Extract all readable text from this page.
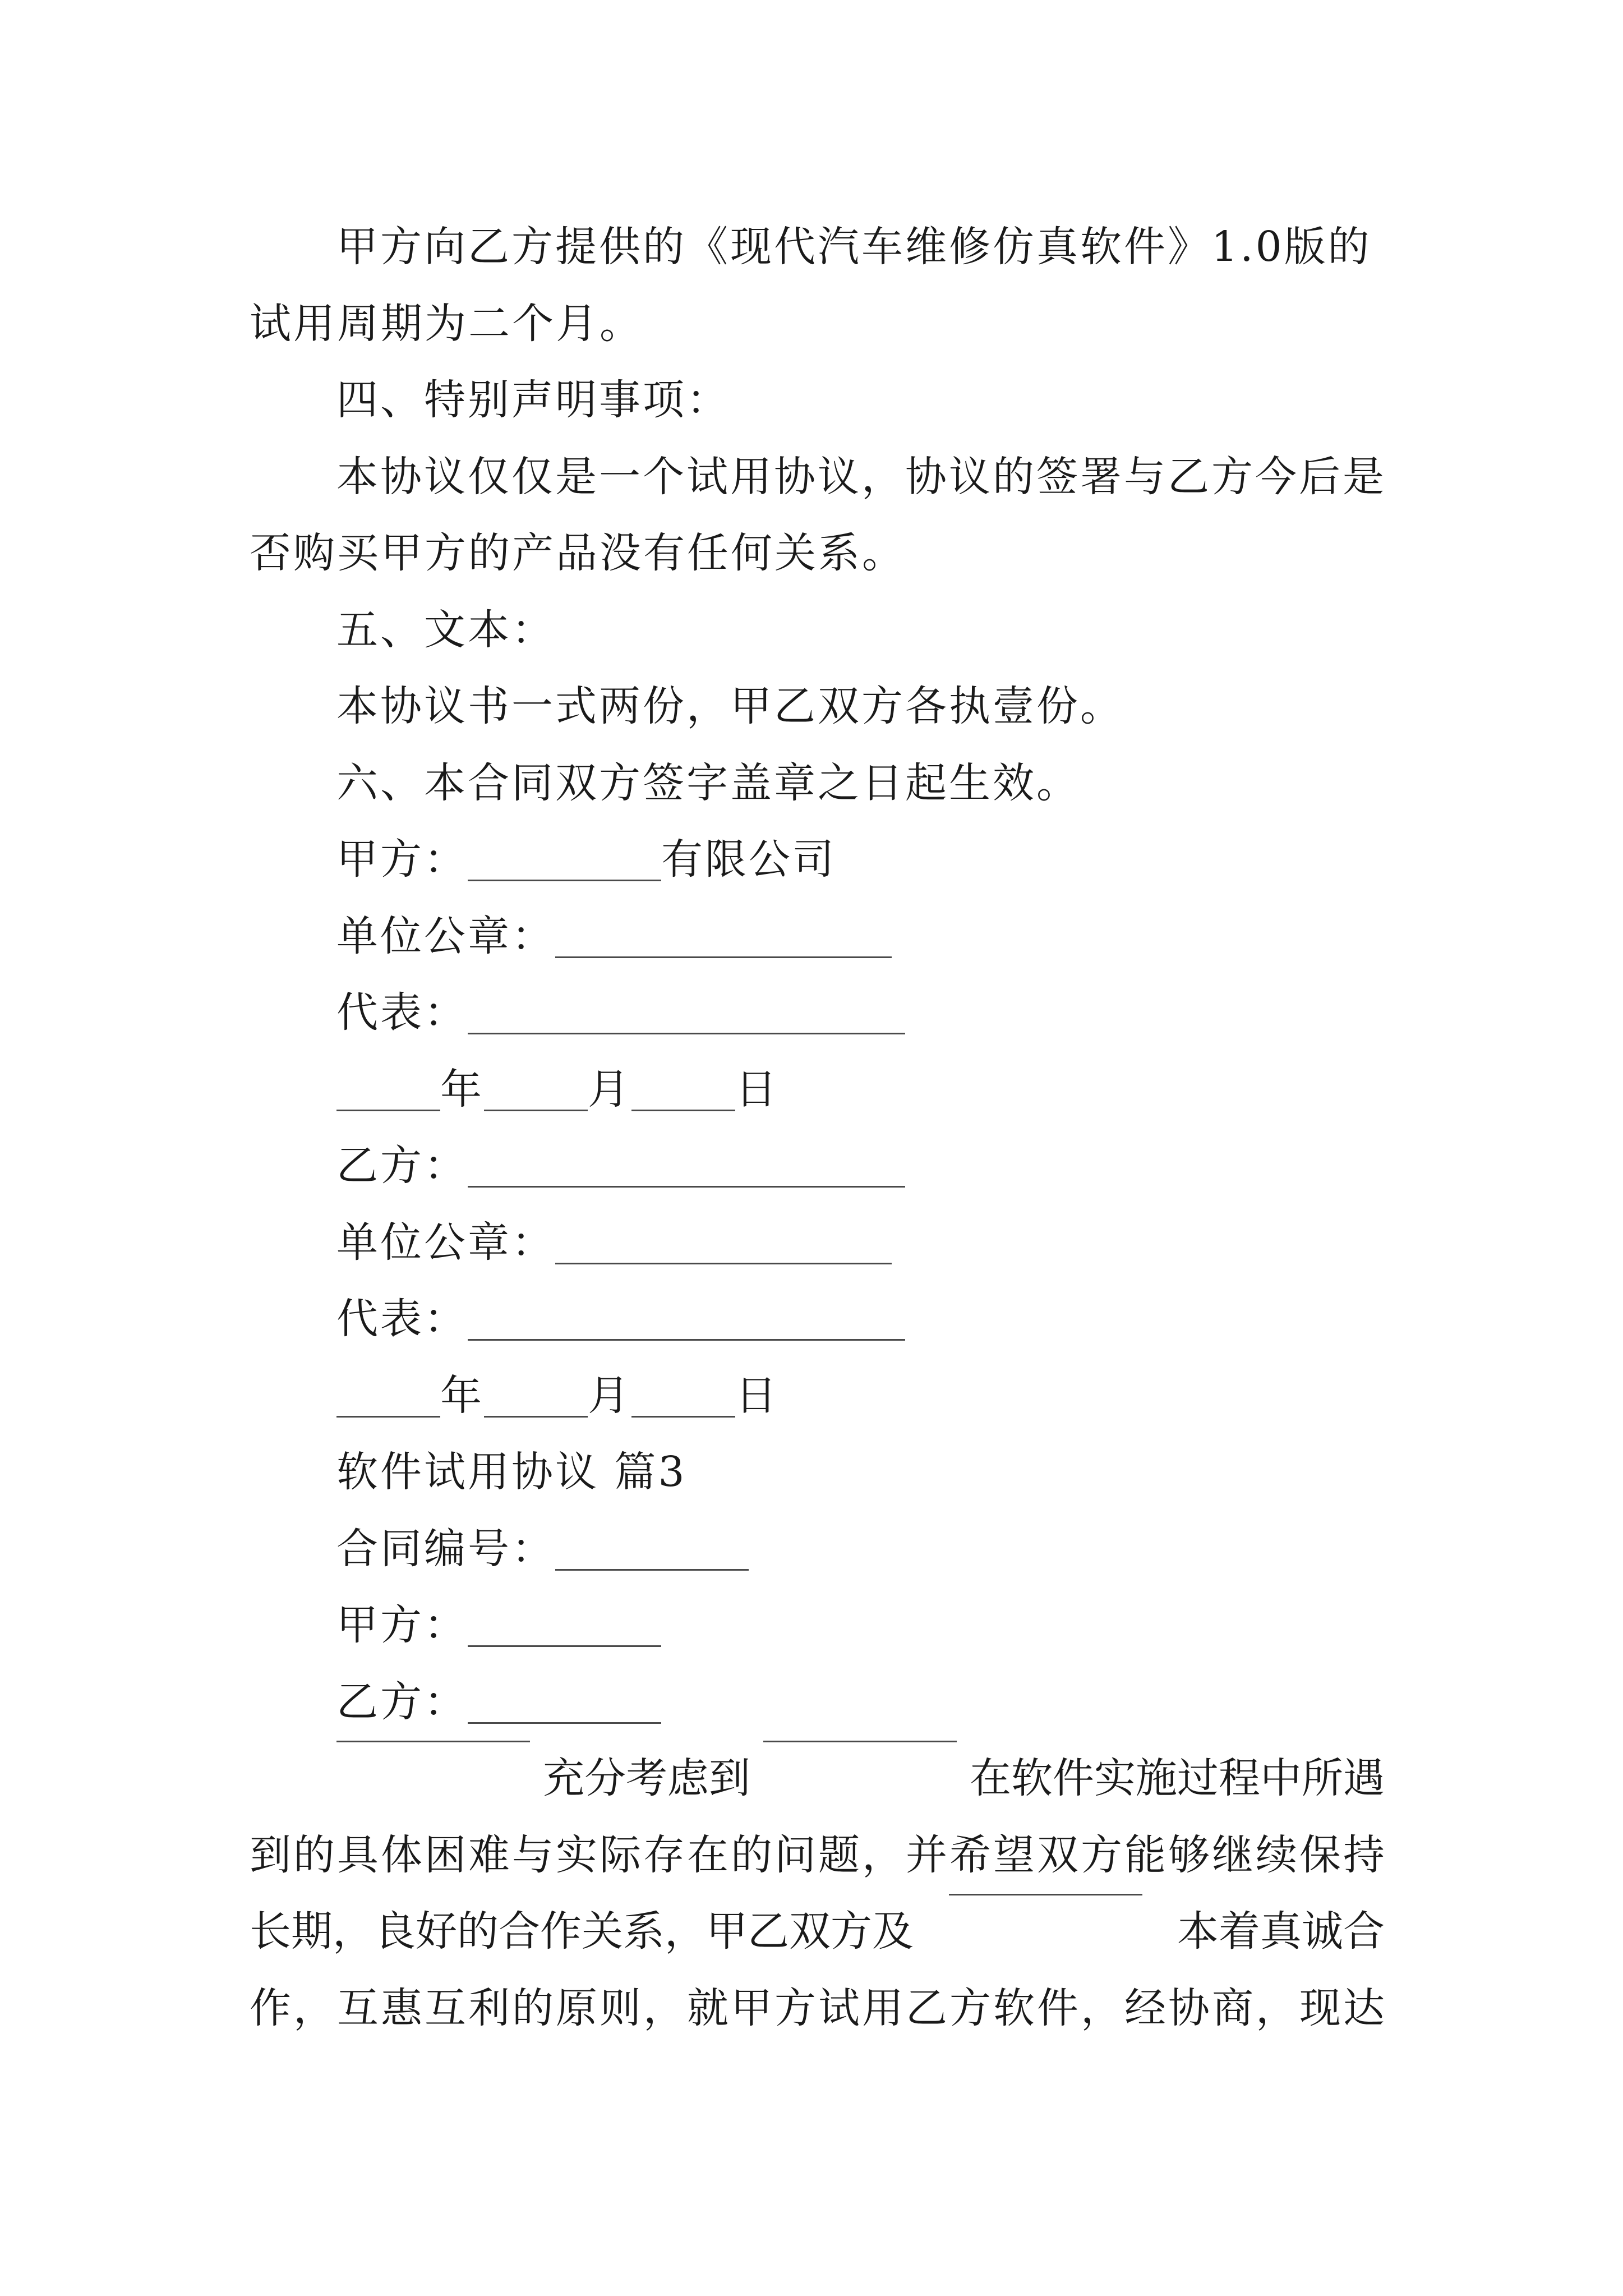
甲方向乙方提供的《现代汽车维修仿真软件》1.0版的
试用周期为二个月。
四、特别声明事项：
本协议仅仅是一个试用协议，协议的签署与乙方今后是
否购买甲方的产品没有任何关系。
五、文本：
本协议书一式两份，甲乙双方各执壹份。
六、本合同双方签字盖章之日起生效。
甲方：	有限公司
单位公章：
代表：
年	月	日
乙方：
单位公章：
代表：
年	月	日
软件试用协议 篇3
合同编号：
甲方：
乙方：
充分考虑到	在软件实施过程中所遇
到的具体困难与实际存在的问题，并希望双方能够继续保持
长期，良好的合作关系，甲乙双方及	本着真诚合
作，互惠互利的原则，就甲方试用乙方软件，经协商，现达
